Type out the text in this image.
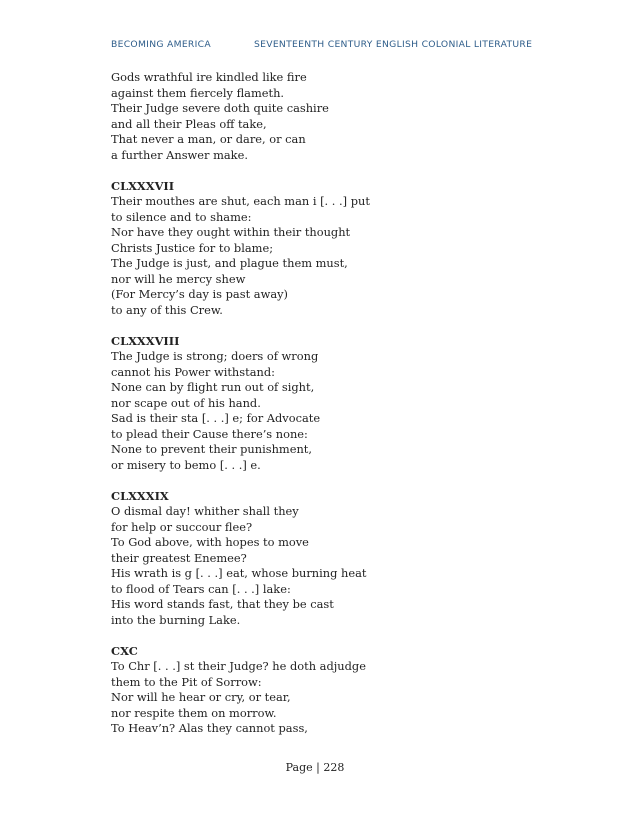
BECOMING AMERICA	SEVENTEENTH CENTURY ENGLISH COLONIAL LITERATURE
Gods wrathful ire kindled like fire
against them fiercely flameth.
Their Judge severe doth quite cashire
and all their Pleas off take,
That never a man, or dare, or can
a further Answer make.
CLXXXVII
Their mouthes are shut, each man i [. . .] put
to silence and to shame:
Nor have they ought within their thought
Christs Justice for to blame;
The Judge is just, and plague them must,
nor will he mercy shew
(For Mercy’s day is past away)
to any of this Crew.
CLXXXVIII
The Judge is strong; doers of wrong
cannot his Power withstand:
None can by flight run out of sight,
nor scape out of his hand.
Sad is their sta [. . .] e; for Advocate
to plead their Cause there’s none:
None to prevent their punishment,
or misery to bemo [. . .] e.
CLXXXIX
O dismal day! whither shall they
for help or succour flee?
To God above, with hopes to move
their greatest Enemee?
His wrath is g [. . .] eat, whose burning heat
to flood of Tears can [. . .] lake:
His word stands fast, that they be cast
into the burning Lake.
CXC
To Chr [. . .] st their Judge? he doth adjudge
them to the Pit of Sorrow:
Nor will he hear or cry, or tear,
nor respite them on morrow.
To Heav’n? Alas they cannot pass,
Page | 228
